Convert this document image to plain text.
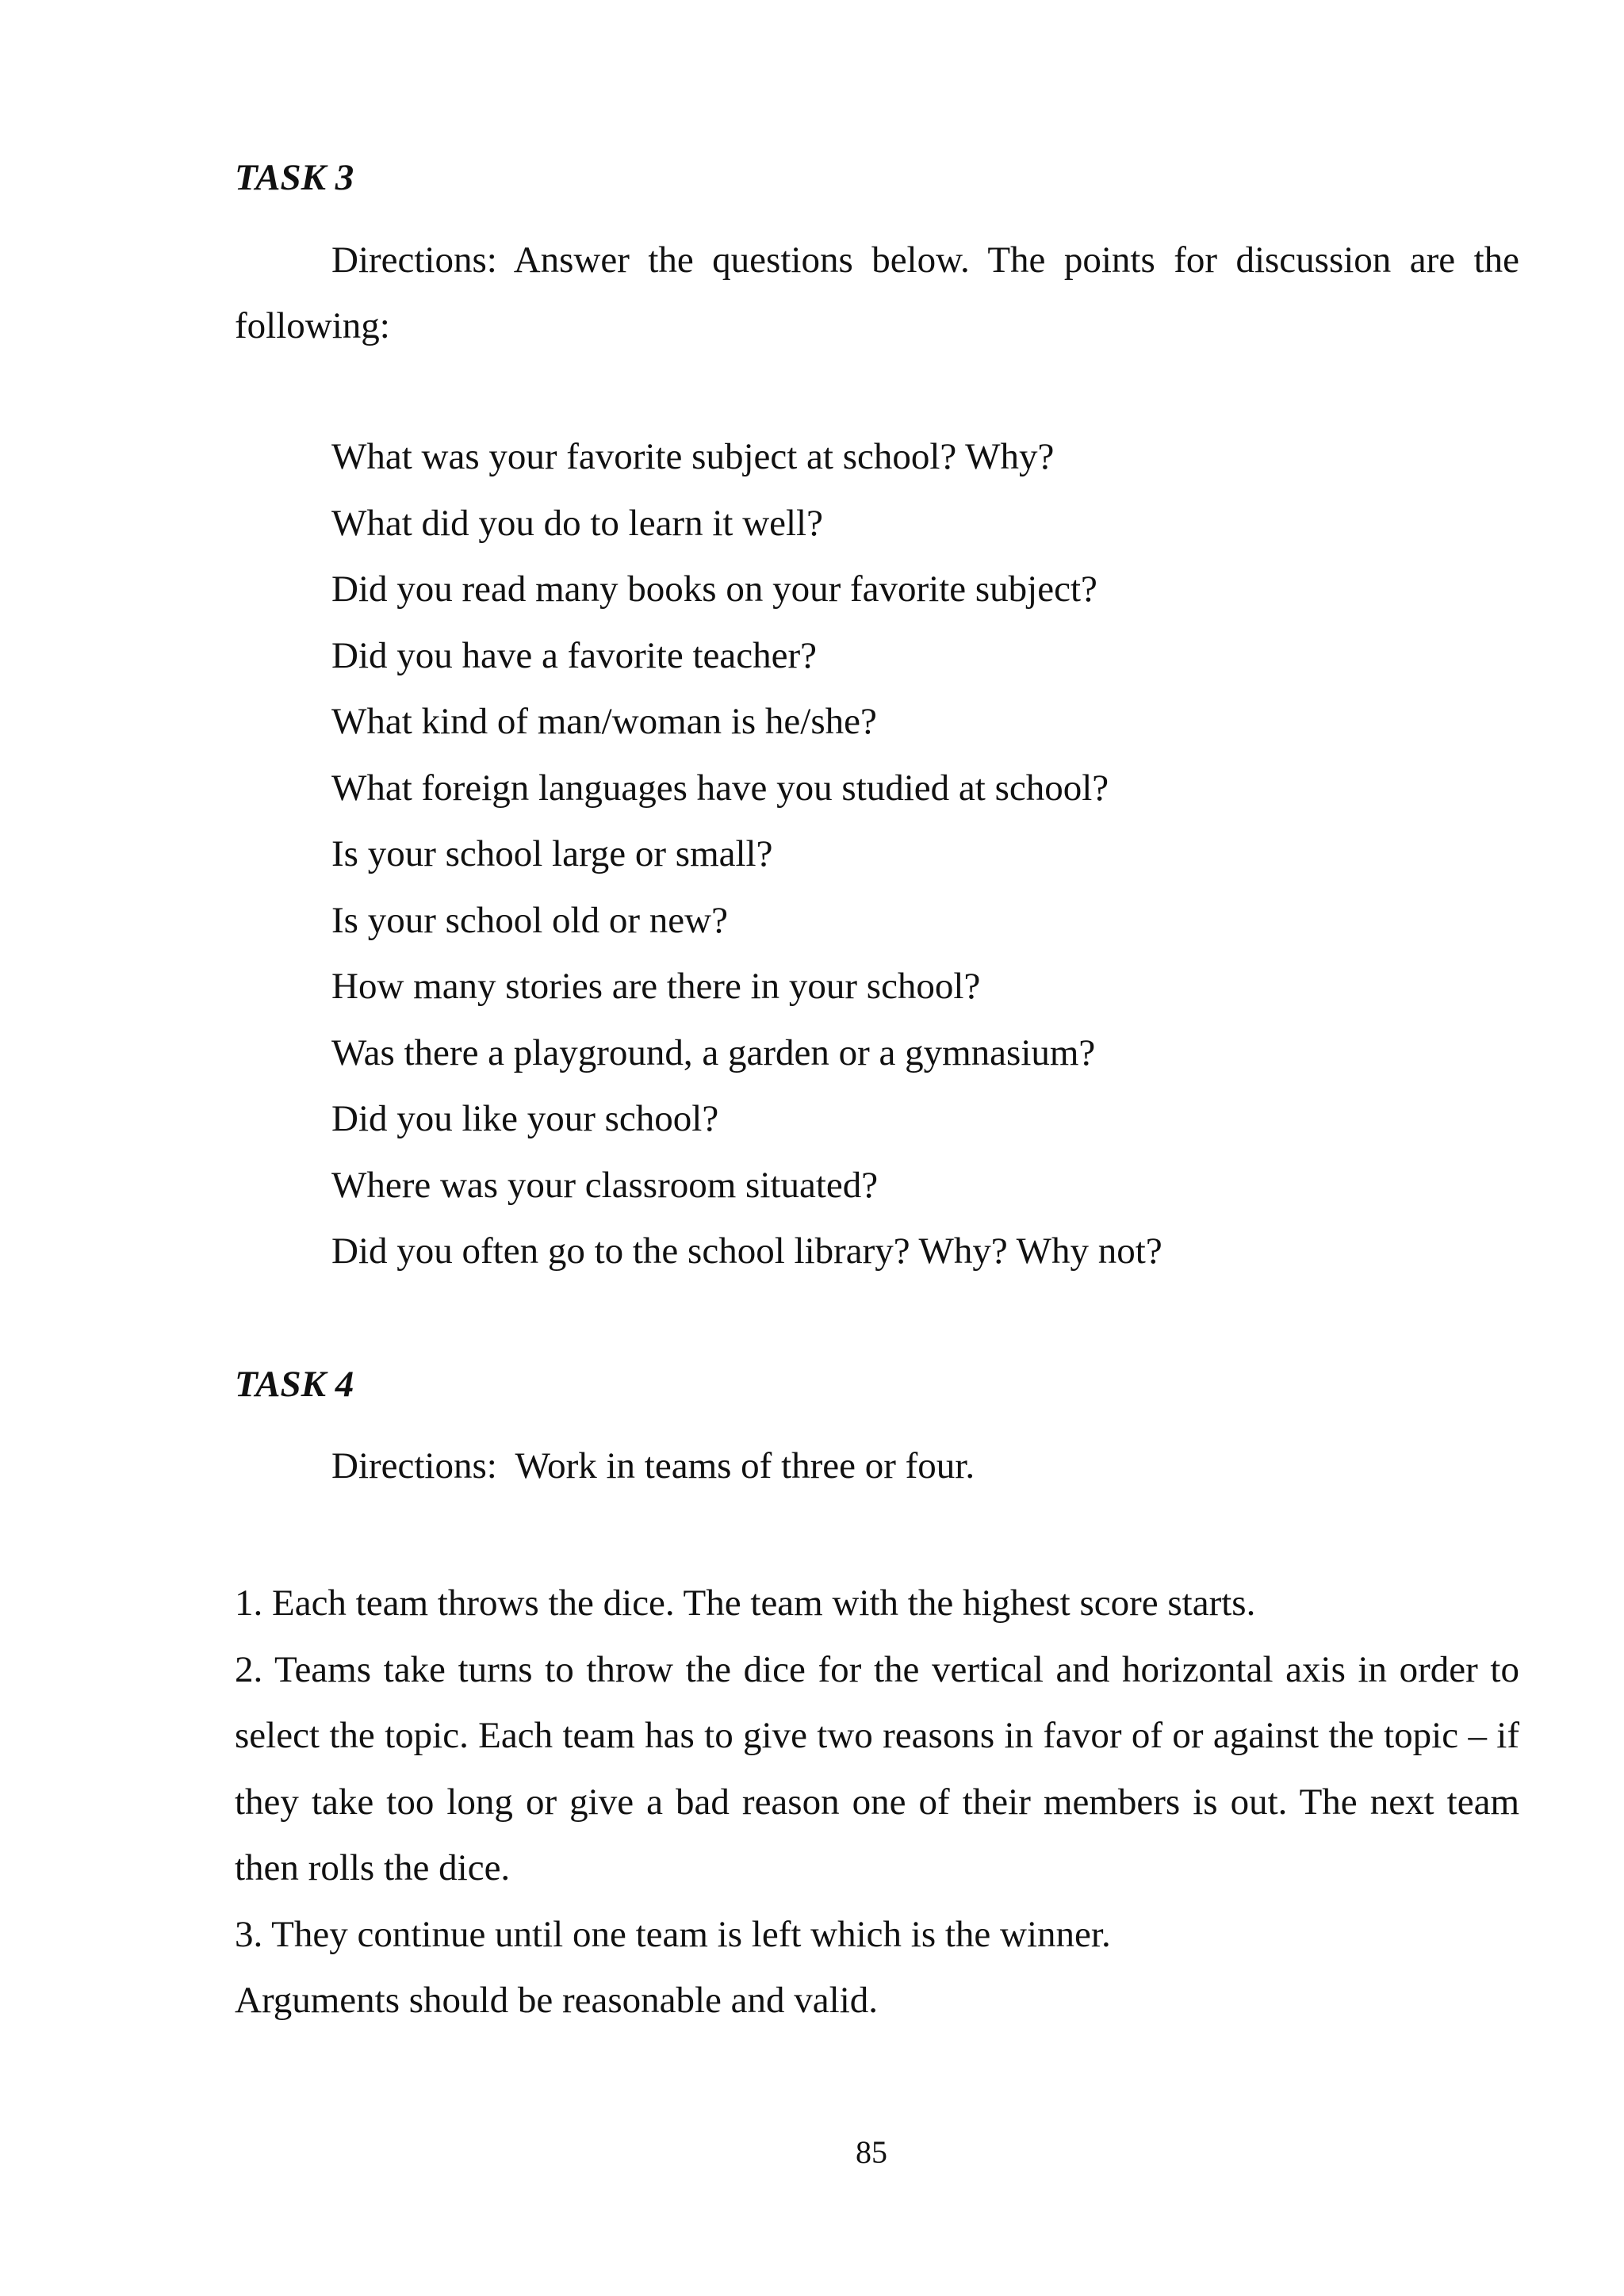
TASK 3
Directions: Answer the questions below. The points for discussion are the following:
What was your favorite subject at school? Why?
What did you do to learn it well?
Did you read many books on your favorite subject?
Did you have a favorite teacher?
What kind of man/woman is he/she?
What foreign languages have you studied at school?
Is your school large or small?
Is your school old or new?
How many stories are there in your school?
Was there a playground, a garden or a gymnasium?
Did you like your school?
Where was your classroom situated?
Did you often go to the school library? Why? Why not?
TASK 4
Directions:  Work in teams of three or four.

1. Each team throws the dice. The team with the highest score starts.

2. Teams take turns to throw the dice for the vertical and horizontal axis in order to select the topic. Each team has to give two reasons in favor of or against the topic – if they take too long or give a bad reason one of their members is out. The next team then rolls the dice.

3. They continue until one team is left which is the winner.

Arguments should be reasonable and valid.

85
